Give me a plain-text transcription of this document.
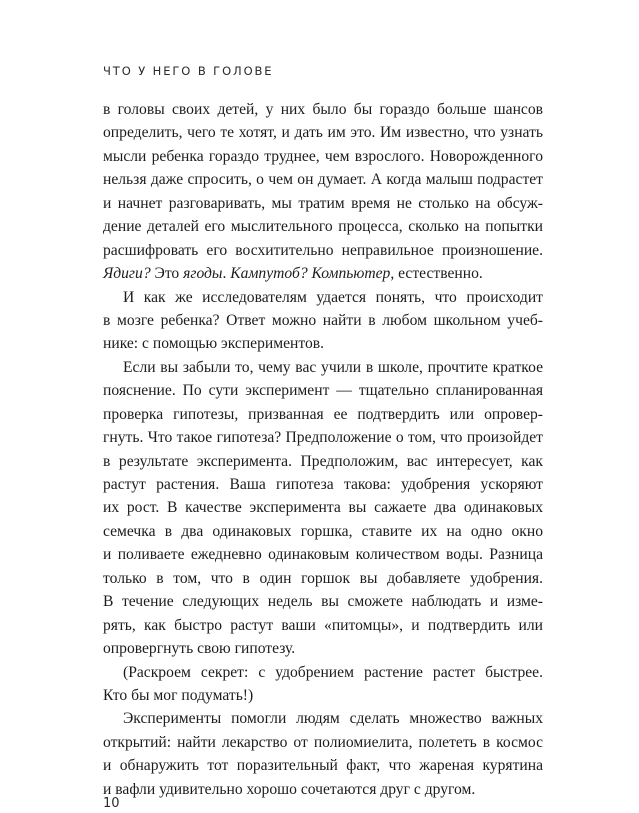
ЧТО У НЕГО В ГОЛОВЕ
в головы своих детей, у них было бы гораздо больше шансов
определить, чего те хотят, и дать им это. Им известно, что узнать
мысли ребенка гораздо труднее, чем взрослого. Новорожденного
нельзя даже спросить, о чем он думает. А когда малыш подрастет
и начнет разговаривать, мы тратим время не столько на обсуж-
дение деталей его мыслительного процесса, сколько на попытки
расшифровать его восхитительно неправильное произношение.
Ядиги? Это ягоды. Кампутоб? Компьютер, естественно.
И как же исследователям удается понять, что происходит
в мозге ребенка? Ответ можно найти в любом школьном учеб-
нике: с помощью экспериментов.
Если вы забыли то, чему вас учили в школе, прочтите краткое
пояснение. По сути эксперимент — тщательно спланированная
проверка гипотезы, призванная ее подтвердить или опровер-
гнуть. Что такое гипотеза? Предположение о том, что произойдет
в результате эксперимента. Предположим, вас интересует, как
растут растения. Ваша гипотеза такова: удобрения ускоряют
их рост. В качестве эксперимента вы сажаете два одинаковых
семечка в два одинаковых горшка, ставите их на одно окно
и поливаете ежедневно одинаковым количеством воды. Разница
только в том, что в один горшок вы добавляете удобрения.
В течение следующих недель вы сможете наблюдать и изме-
рять, как быстро растут ваши «питомцы», и подтвердить или
опровергнуть свою гипотезу.
(Раскроем секрет: с удобрением растение растет быстрее.
Кто бы мог подумать!)
Эксперименты помогли людям сделать множество важных
открытий: найти лекарство от полиомиелита, полететь в космос
и обнаружить тот поразительный факт, что жареная курятина
и вафли удивительно хорошо сочетаются друг с другом.
10
